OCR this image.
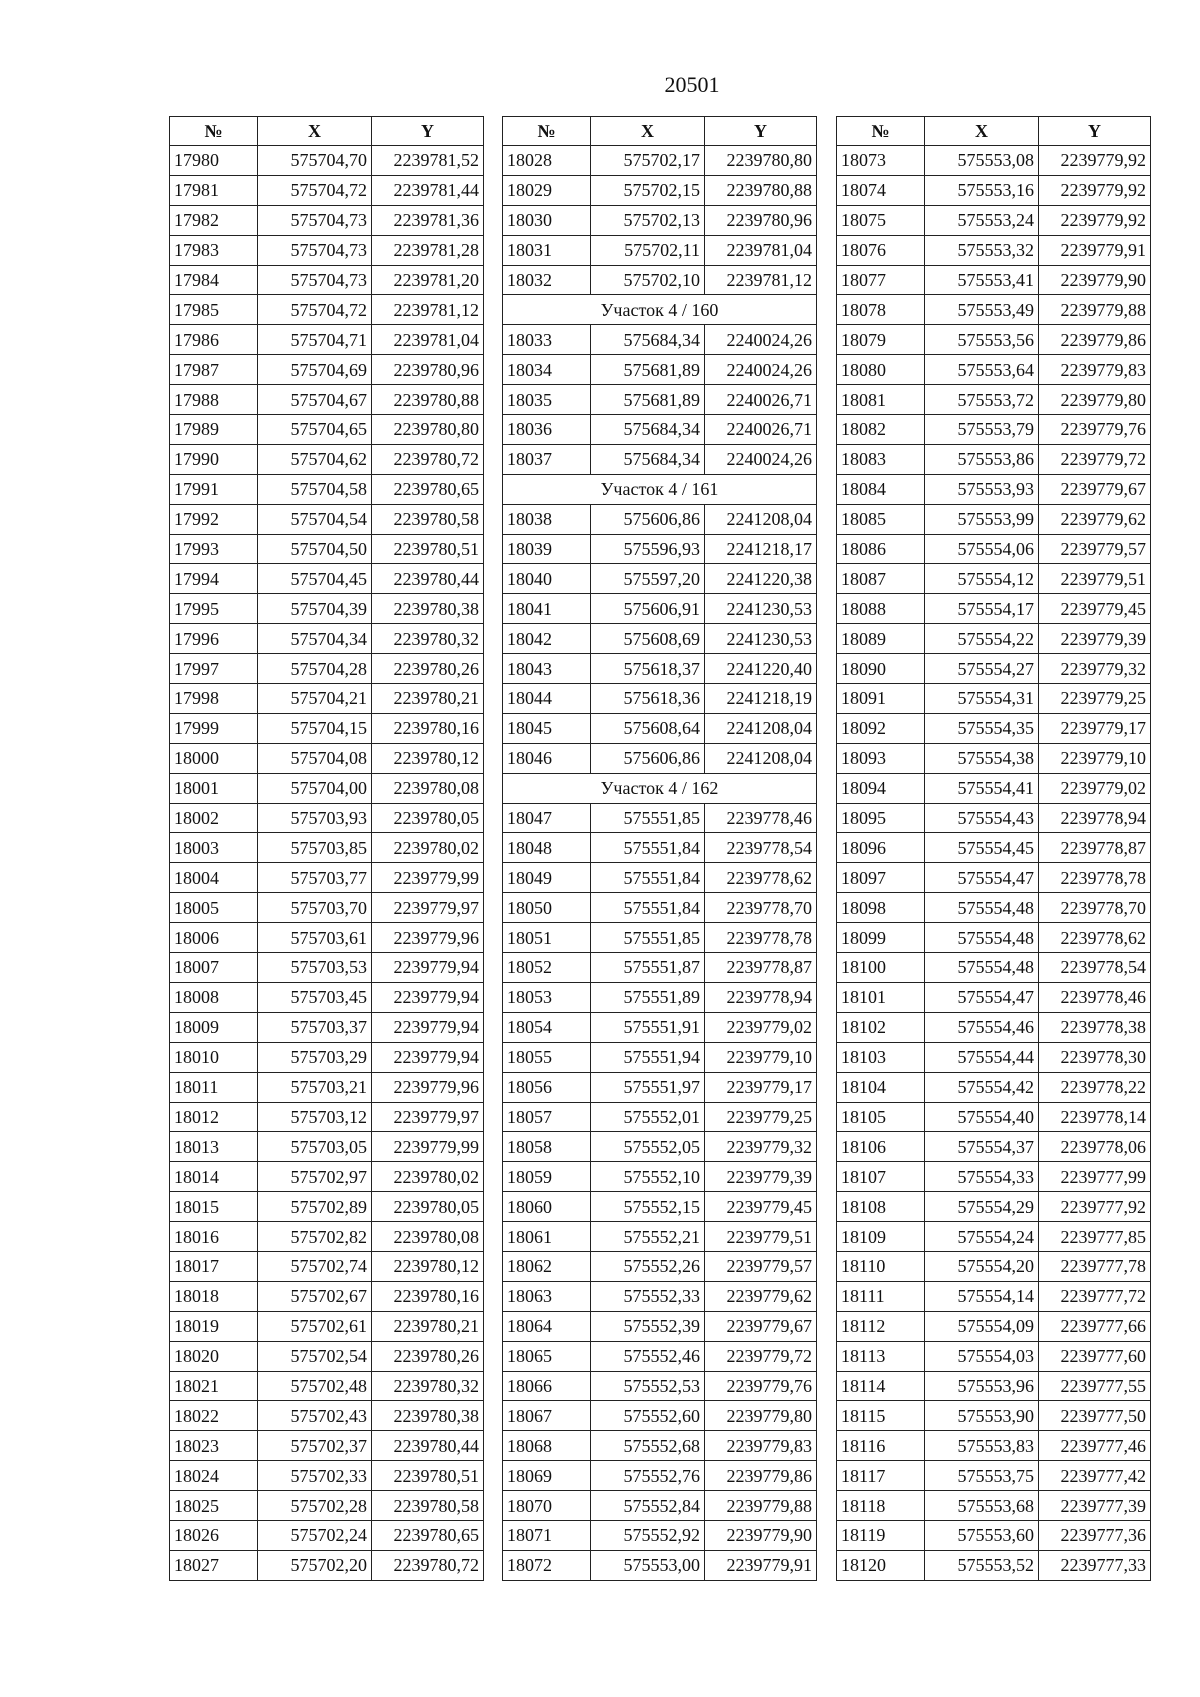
20501
№	X	Y
17980	575704,70	2239781,52
17981	575704,72	2239781,44
17982	575704,73	2239781,36
17983	575704,73	2239781,28
17984	575704,73	2239781,20
17985	575704,72	2239781,12
17986	575704,71	2239781,04
17987	575704,69	2239780,96
17988	575704,67	2239780,88
17989	575704,65	2239780,80
17990	575704,62	2239780,72
17991	575704,58	2239780,65
17992	575704,54	2239780,58
17993	575704,50	2239780,51
17994	575704,45	2239780,44
17995	575704,39	2239780,38
17996	575704,34	2239780,32
17997	575704,28	2239780,26
17998	575704,21	2239780,21
17999	575704,15	2239780,16
18000	575704,08	2239780,12
18001	575704,00	2239780,08
18002	575703,93	2239780,05
18003	575703,85	2239780,02
18004	575703,77	2239779,99
18005	575703,70	2239779,97
18006	575703,61	2239779,96
18007	575703,53	2239779,94
18008	575703,45	2239779,94
18009	575703,37	2239779,94
18010	575703,29	2239779,94
18011	575703,21	2239779,96
18012	575703,12	2239779,97
18013	575703,05	2239779,99
18014	575702,97	2239780,02
18015	575702,89	2239780,05
18016	575702,82	2239780,08
18017	575702,74	2239780,12
18018	575702,67	2239780,16
18019	575702,61	2239780,21
18020	575702,54	2239780,26
18021	575702,48	2239780,32
18022	575702,43	2239780,38
18023	575702,37	2239780,44
18024	575702,33	2239780,51
18025	575702,28	2239780,58
18026	575702,24	2239780,65
18027	575702,20	2239780,72
№	X	Y
18028	575702,17	2239780,80
18029	575702,15	2239780,88
18030	575702,13	2239780,96
18031	575702,11	2239781,04
18032	575702,10	2239781,12
Участок 4 / 160		
18033	575684,34	2240024,26
18034	575681,89	2240024,26
18035	575681,89	2240026,71
18036	575684,34	2240026,71
18037	575684,34	2240024,26
Участок 4 / 161		
18038	575606,86	2241208,04
18039	575596,93	2241218,17
18040	575597,20	2241220,38
18041	575606,91	2241230,53
18042	575608,69	2241230,53
18043	575618,37	2241220,40
18044	575618,36	2241218,19
18045	575608,64	2241208,04
18046	575606,86	2241208,04
Участок 4 / 162		
18047	575551,85	2239778,46
18048	575551,84	2239778,54
18049	575551,84	2239778,62
18050	575551,84	2239778,70
18051	575551,85	2239778,78
18052	575551,87	2239778,87
18053	575551,89	2239778,94
18054	575551,91	2239779,02
18055	575551,94	2239779,10
18056	575551,97	2239779,17
18057	575552,01	2239779,25
18058	575552,05	2239779,32
18059	575552,10	2239779,39
18060	575552,15	2239779,45
18061	575552,21	2239779,51
18062	575552,26	2239779,57
18063	575552,33	2239779,62
18064	575552,39	2239779,67
18065	575552,46	2239779,72
18066	575552,53	2239779,76
18067	575552,60	2239779,80
18068	575552,68	2239779,83
18069	575552,76	2239779,86
18070	575552,84	2239779,88
18071	575552,92	2239779,90
18072	575553,00	2239779,91
№	X	Y
18073	575553,08	2239779,92
18074	575553,16	2239779,92
18075	575553,24	2239779,92
18076	575553,32	2239779,91
18077	575553,41	2239779,90
18078	575553,49	2239779,88
18079	575553,56	2239779,86
18080	575553,64	2239779,83
18081	575553,72	2239779,80
18082	575553,79	2239779,76
18083	575553,86	2239779,72
18084	575553,93	2239779,67
18085	575553,99	2239779,62
18086	575554,06	2239779,57
18087	575554,12	2239779,51
18088	575554,17	2239779,45
18089	575554,22	2239779,39
18090	575554,27	2239779,32
18091	575554,31	2239779,25
18092	575554,35	2239779,17
18093	575554,38	2239779,10
18094	575554,41	2239779,02
18095	575554,43	2239778,94
18096	575554,45	2239778,87
18097	575554,47	2239778,78
18098	575554,48	2239778,70
18099	575554,48	2239778,62
18100	575554,48	2239778,54
18101	575554,47	2239778,46
18102	575554,46	2239778,38
18103	575554,44	2239778,30
18104	575554,42	2239778,22
18105	575554,40	2239778,14
18106	575554,37	2239778,06
18107	575554,33	2239777,99
18108	575554,29	2239777,92
18109	575554,24	2239777,85
18110	575554,20	2239777,78
18111	575554,14	2239777,72
18112	575554,09	2239777,66
18113	575554,03	2239777,60
18114	575553,96	2239777,55
18115	575553,90	2239777,50
18116	575553,83	2239777,46
18117	575553,75	2239777,42
18118	575553,68	2239777,39
18119	575553,60	2239777,36
18120	575553,52	2239777,33
